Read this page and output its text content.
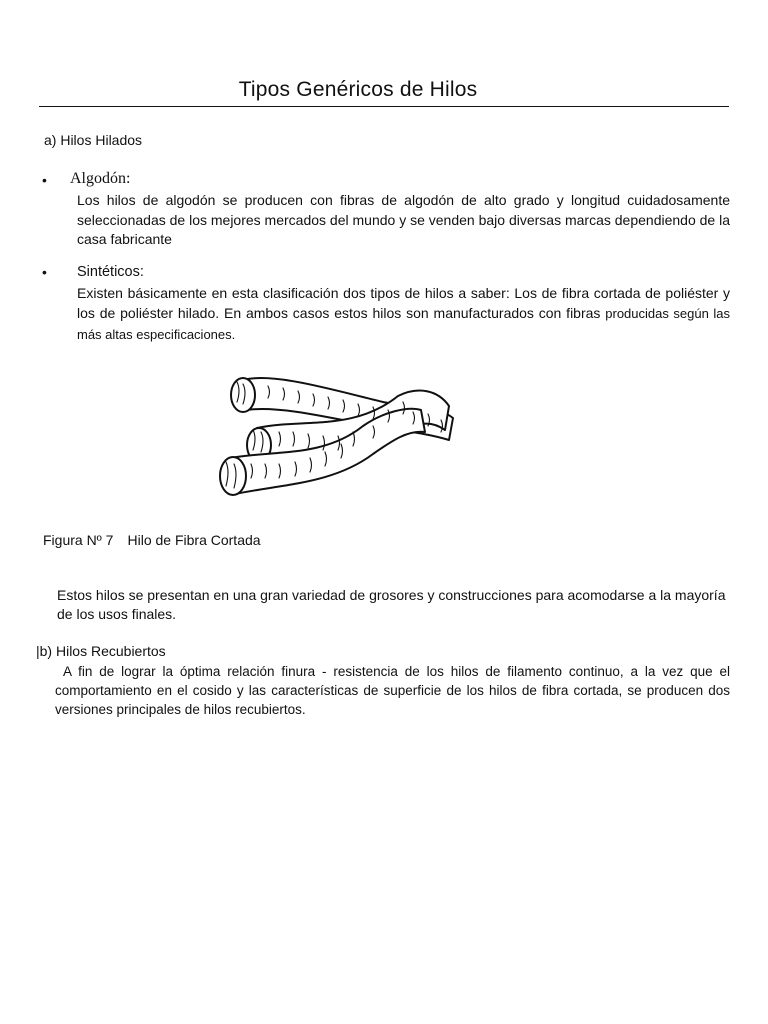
Tipos Genéricos de Hilos
a) Hilos Hilados
• Algodón:
Los hilos de algodón se producen con fibras de algodón de alto grado y longitud cuidadosamente seleccionadas de los mejores mercados del mundo y se venden bajo diversas marcas dependiendo de la casa fabricante
• Sintéticos:
Existen básicamente en esta clasificación dos tipos de hilos a saber: Los de fibra cortada de poliéster y los de poliéster hilado. En ambos casos estos hilos son manufacturados con fibras producidas según las más altas especificaciones.
Figura Nº 7 Hilo de Fibra Cortada
Estos hilos se presentan en una gran variedad de grosores y construcciones para acomodarse a la mayoría de los usos finales.
|b) Hilos Recubiertos
A fin de lograr la óptima relación finura - resistencia de los hilos de filamento continuo, a la vez que el comportamiento en el cosido y las características de superficie de los hilos de fibra cortada, se producen dos versiones principales de hilos recubiertos.
